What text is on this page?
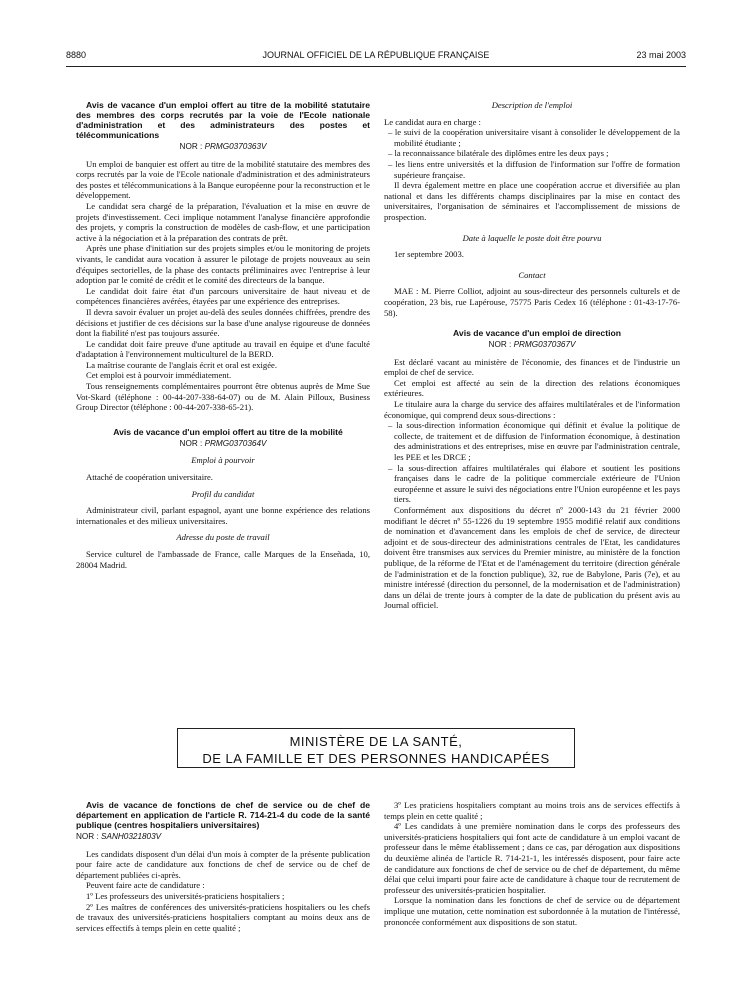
8880	JOURNAL OFFICIEL DE LA RÉPUBLIQUE FRANÇAISE	23 mai 2003

Avis de vacance d'un emploi offert au titre de la mobilité statutaire des membres des corps recrutés par la voie de l'Ecole nationale d'administration et des administrateurs des postes et télécommunications

NOR : PRMG0370363V

Un emploi de banquier est offert au titre de la mobilité statutaire des membres des corps recrutés par la voie de l'Ecole nationale d'administration et des administrateurs des postes et télécommunications à la Banque européenne pour la reconstruction et le développement.

Le candidat sera chargé de la préparation, l'évaluation et la mise en œuvre de projets d'investissement. Ceci implique notamment l'analyse financière approfondie des projets, y compris la construction de modèles de cash-flow, et une participation active à la négociation et à la préparation des contrats de prêt.

Après une phase d'initiation sur des projets simples et/ou le monitoring de projets vivants, le candidat aura vocation à assurer le pilotage de projets nouveaux au sein d'équipes sectorielles, de la phase des contacts préliminaires avec l'entreprise à leur adoption par le comité de crédit et le comité des directeurs de la banque.

Le candidat doit faire état d'un parcours universitaire de haut niveau et de compétences financières avérées, étayées par une expérience des entreprises.

Il devra savoir évaluer un projet au-delà des seules données chiffrées, prendre des décisions et justifier de ces décisions sur la base d'une analyse rigoureuse de données dont la fiabilité n'est pas toujours assurée.

Le candidat doit faire preuve d'une aptitude au travail en équipe et d'une faculté d'adaptation à l'environnement multiculturel de la BERD.

La maîtrise courante de l'anglais écrit et oral est exigée.

Cet emploi est à pourvoir immédiatement.

Tous renseignements complémentaires pourront être obtenus auprès de Mme Sue Vot-Skard (téléphone : 00-44-207-338-64-07) ou de M. Alain Pilloux, Business Group Director (téléphone : 00-44-207-338-65-21).

Avis de vacance d'un emploi offert au titre de la mobilité

NOR : PRMG0370364V
Emploi à pourvoir

Attaché de coopération universitaire.

Profil du candidat

Administrateur civil, parlant espagnol, ayant une bonne expérience des relations internationales et des milieux universitaires.

Adresse du poste de travail

Service culturel de l'ambassade de France, calle Marques de la Enseñada, 10, 28004 Madrid.

Description de l'emploi

Le candidat aura en charge :

– le suivi de la coopération universitaire visant à consolider le développement de la mobilité étudiante ;

– la reconnaissance bilatérale des diplômes entre les deux pays ;

– les liens entre universités et la diffusion de l'information sur l'offre de formation supérieure française.

Il devra également mettre en place une coopération accrue et diversifiée au plan national et dans les différents champs disciplinaires par la mise en contact des universitaires, l'organisation de séminaires et l'accomplissement de missions de prospection.

Date à laquelle le poste doit être pourvu

1er septembre 2003.

Contact

MAE : M. Pierre Colliot, adjoint au sous-directeur des personnels culturels et de coopération, 23 bis, rue Lapérouse, 75775 Paris Cedex 16 (téléphone : 01-43-17-76-58).

Avis de vacance d'un emploi de direction

NOR : PRMG0370367V

Est déclaré vacant au ministère de l'économie, des finances et de l'industrie un emploi de chef de service.

Cet emploi est affecté au sein de la direction des relations économiques extérieures.

Le titulaire aura la charge du service des affaires multilatérales et de l'information économique, qui comprend deux sous-directions :

– la sous-direction information économique qui définit et évalue la politique de collecte, de traitement et de diffusion de l'information économique, à destination des administrations et des entreprises, mise en œuvre par l'administration centrale, les PEE et les DRCE ;

– la sous-direction affaires multilatérales qui élabore et soutient les positions françaises dans le cadre de la politique commerciale extérieure de l'Union européenne et assure le suivi des négociations entre l'Union européenne et les pays tiers.

Conformément aux dispositions du décret nº 2000-143 du 21 février 2000 modifiant le décret nº 55-1226 du 19 septembre 1955 modifié relatif aux conditions de nomination et d'avancement dans les emplois de chef de service, de directeur adjoint et de sous-directeur des administrations centrales de l'Etat, les candidatures doivent être transmises aux services du Premier ministre, au ministère de la fonction publique, de la réforme de l'Etat et de l'aménagement du territoire (direction générale de l'administration et de la fonction publique), 32, rue de Babylone, Paris (7e), et au ministre intéressé (direction du personnel, de la modernisation et de l'administration) dans un délai de trente jours à compter de la date de publication du présent avis au Journal officiel.

MINISTÈRE DE LA SANTÉ,
DE LA FAMILLE ET DES PERSONNES HANDICAPÉES

Avis de vacance de fonctions de chef de service ou de chef de département en application de l'article R. 714-21-4 du code de la santé publique (centres hospitaliers universitaires)

NOR : SANH0321803V

Les candidats disposent d'un délai d'un mois à compter de la présente publication pour faire acte de candidature aux fonctions de chef de service ou de chef de département publiées ci-après.

Peuvent faire acte de candidature :

1º Les professeurs des universités-praticiens hospitaliers ;

2º Les maîtres de conférences des universités-praticiens hospitaliers ou les chefs de travaux des universités-praticiens hospitaliers comptant au moins deux ans de services effectifs à temps plein en cette qualité ;

3º Les praticiens hospitaliers comptant au moins trois ans de services effectifs à temps plein en cette qualité ;

4º Les candidats à une première nomination dans le corps des professeurs des universités-praticiens hospitaliers qui font acte de candidature à un emploi vacant de professeur dans le même établissement ; dans ce cas, par dérogation aux dispositions du deuxième alinéa de l'article R. 714-21-1, les intéressés disposent, pour faire acte de candidature aux fonctions de chef de service ou de chef de département, du même délai que celui imparti pour faire acte de candidature à chaque tour de recrutement de professeur des universités-praticien hospitalier.

Lorsque la nomination dans les fonctions de chef de service ou de département implique une mutation, cette nomination est subordonnée à la mutation de l'intéressé, prononcée conformément aux dispositions de son statut.
